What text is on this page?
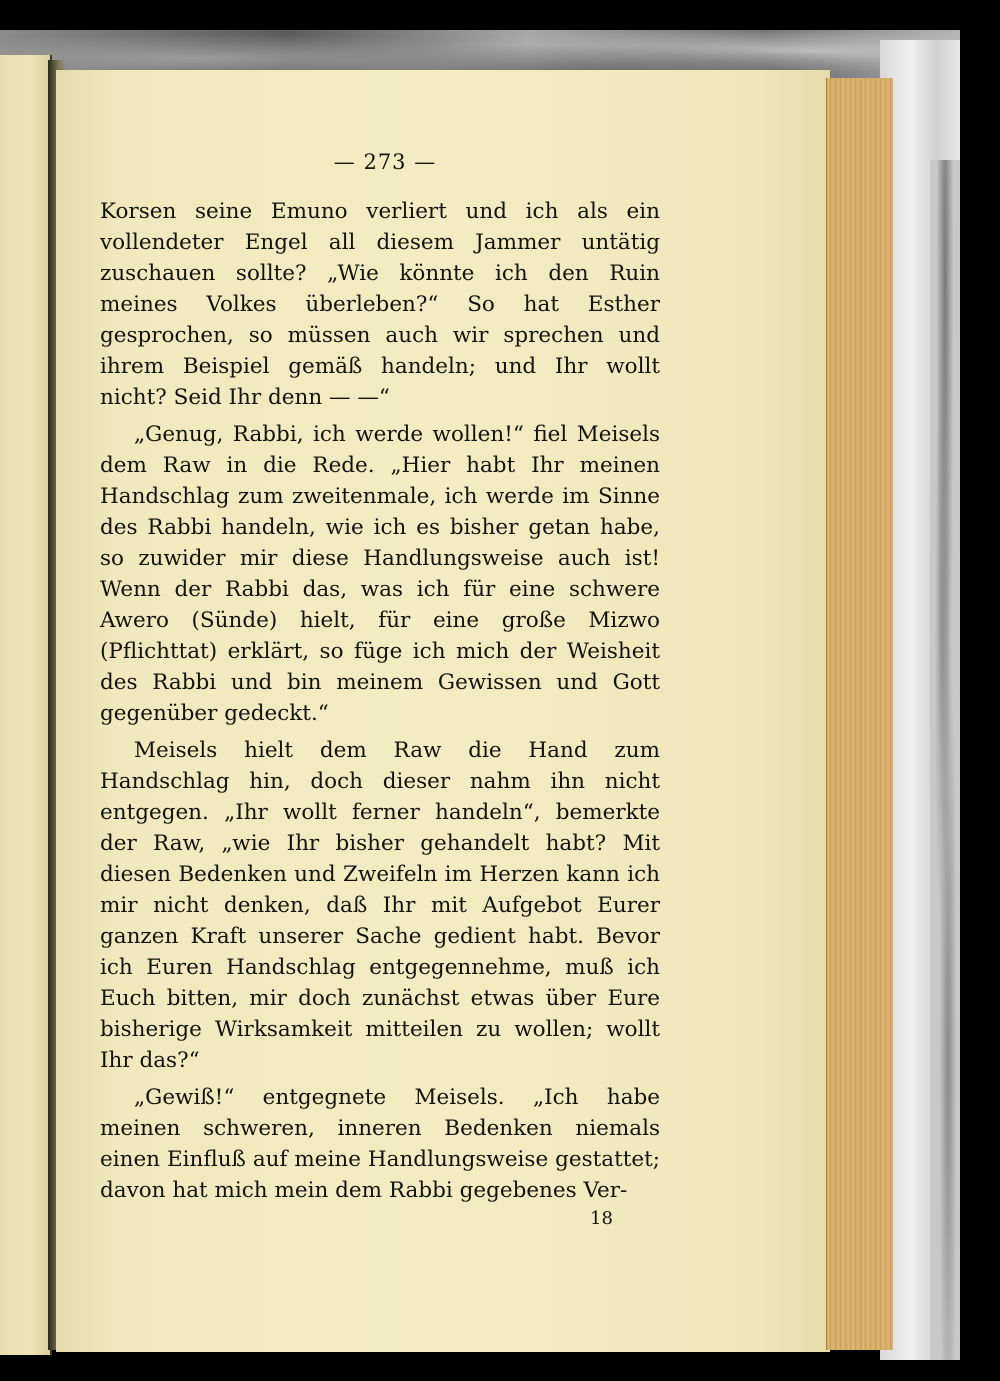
— 273 —

Korsen seine Emuno verliert und ich als ein vollendeter Engel all diesem Jammer untätig zuschauen sollte? „Wie könnte ich den Ruin meines Volkes überleben?“ So hat Esther gesprochen, so müssen auch wir sprechen und ihrem Beispiel gemäß handeln; und Ihr wollt nicht? Seid Ihr denn — —“

„Genug, Rabbi, ich werde wollen!“ fiel Meisels dem Raw in die Rede. „Hier habt Ihr meinen Handschlag zum zweitenmale, ich werde im Sinne des Rabbi handeln, wie ich es bisher getan habe, so zuwider mir diese Handlungsweise auch ist! Wenn der Rabbi das, was ich für eine schwere Awero (Sünde) hielt, für eine große Mizwo (Pflichttat) erklärt, so füge ich mich der Weisheit des Rabbi und bin meinem Gewissen und Gott gegenüber gedeckt.“

Meisels hielt dem Raw die Hand zum Handschlag hin, doch dieser nahm ihn nicht entgegen. „Ihr wollt ferner handeln“, bemerkte der Raw, „wie Ihr bisher gehandelt habt? Mit diesen Bedenken und Zweifeln im Herzen kann ich mir nicht denken, daß Ihr mit Aufgebot Eurer ganzen Kraft unserer Sache gedient habt. Bevor ich Euren Handschlag entgegennehme, muß ich Euch bitten, mir doch zunächst etwas über Eure bisherige Wirksamkeit mitteilen zu wollen; wollt Ihr das?“

„Gewiß!“ entgegnete Meisels. „Ich habe meinen schweren, inneren Bedenken niemals einen Einfluß auf meine Handlungsweise gestattet; davon hat mich mein dem Rabbi gegebenes Ver-

18
